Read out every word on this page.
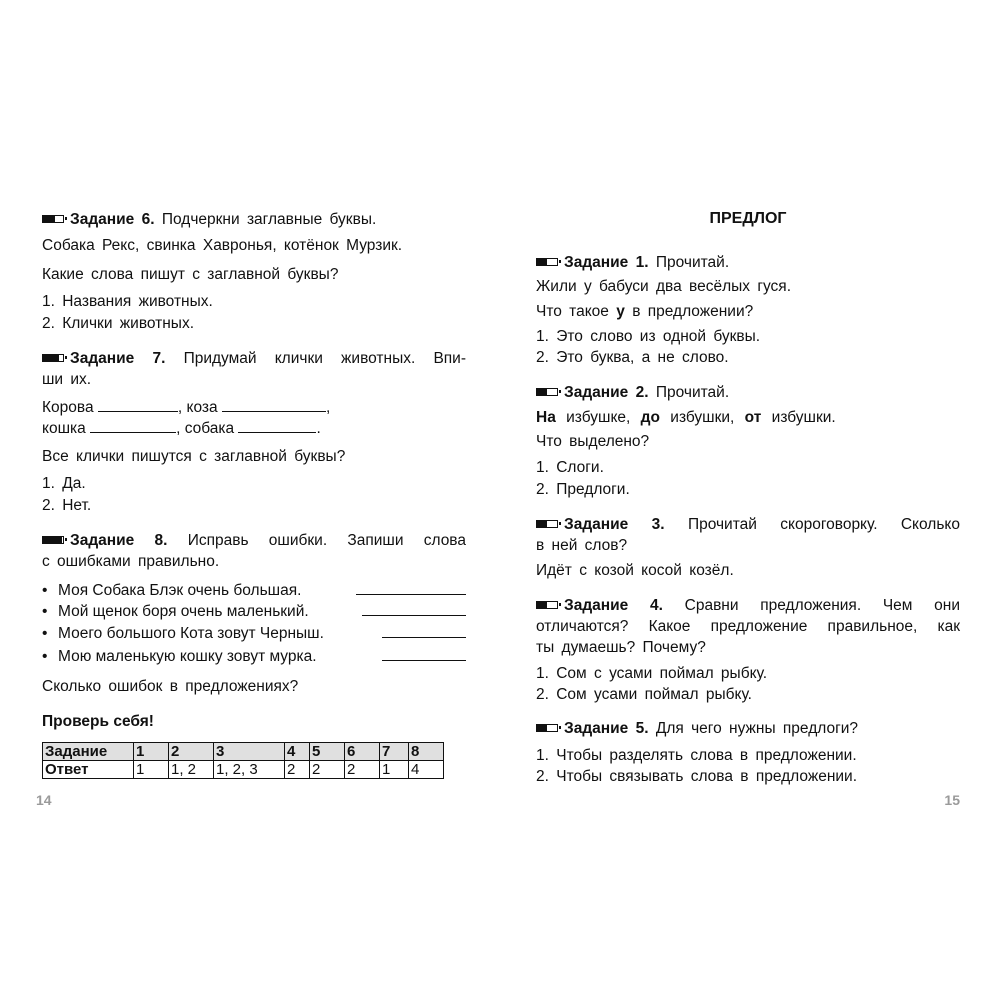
Задание 6. Подчеркни заглавные буквы.
Собака Рекс, свинка Хавронья, котёнок Мурзик.
Какие слова пишут с заглавной буквы?
1. Названия животных.
2. Клички животных.
Задание 7. Придумай клички животных. Впи-
ши их.
Корова	, коза	,
кошка	, собака	.
Все клички пишутся с заглавной буквы?
1. Да.
2. Нет.
Задание 8. Исправь ошибки. Запиши слова
с ошибками правильно.
• Моя Собака Блэк очень большая.
• Мой щенок боря очень маленький.
• Моего большого Кота зовут Черныш.
• Мою маленькую кошку зовут мурка.
Сколько ошибок в предложениях?
Проверь себя!
Задание	1	2	3	4	5	6	7	8
Ответ	1	1, 2	1, 2, 3	2	2	2	1	4
14
ПРЕДЛОГ
Задание 1. Прочитай.
Жили у бабуси два весёлых гуся.
Что такое у в предложении?
1. Это слово из одной буквы.
2. Это буква, а не слово.
Задание 2. Прочитай.
На избушке, до избушки, от избушки.
Что выделено?
1. Слоги.
2. Предлоги.
Задание 3. Прочитай скороговорку. Сколько
в ней слов?
Идёт с козой косой козёл.
Задание 4. Сравни предложения. Чем они
отличаются? Какое предложение правильное, как
ты думаешь? Почему?
1. Сом с усами поймал рыбку.
2. Сом усами поймал рыбку.
Задание 5. Для чего нужны предлоги?
1. Чтобы разделять слова в предложении.
2. Чтобы связывать слова в предложении.
15
